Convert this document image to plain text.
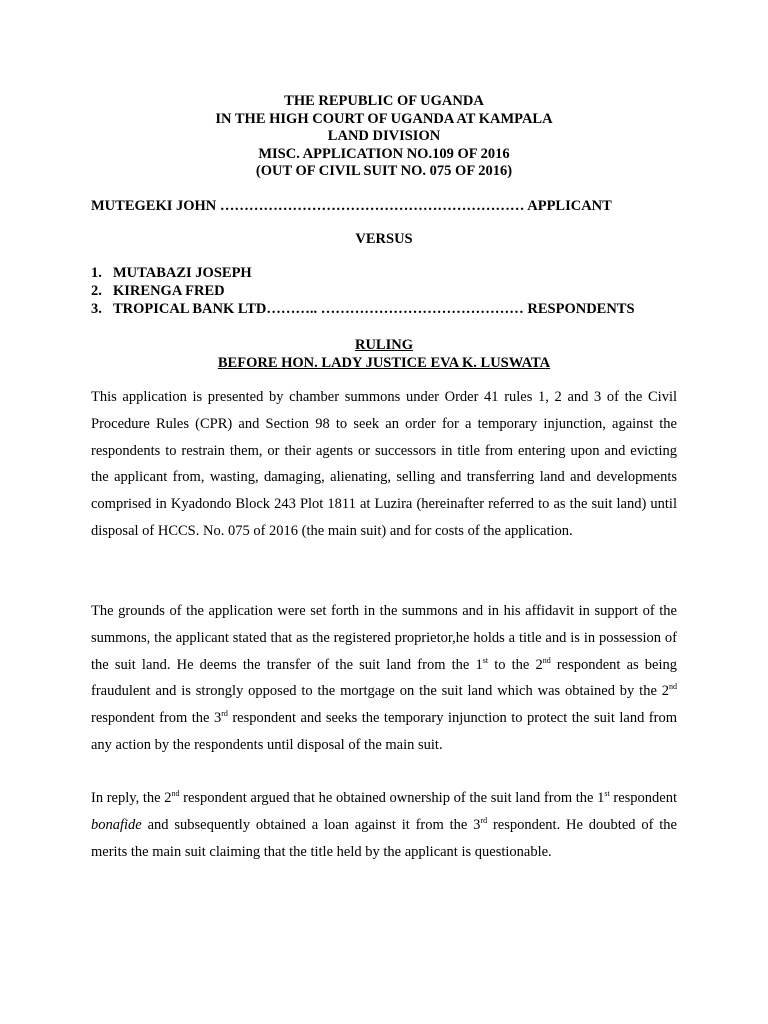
THE REPUBLIC OF UGANDA
IN THE HIGH COURT OF UGANDA AT KAMPALA
LAND DIVISION
MISC. APPLICATION NO.109 OF 2016
(OUT OF CIVIL SUIT NO. 075 OF 2016)
MUTEGEKI JOHN ……………………………………………………… APPLICANT
VERSUS
1. MUTABAZI JOSEPH
2. KIRENGA FRED
3. TROPICAL BANK LTD……….. …………………………………… RESPONDENTS
RULING
BEFORE HON. LADY JUSTICE EVA K. LUSWATA

This application is presented by chamber summons under Order 41 rules 1, 2 and 3 of the Civil Procedure Rules (CPR) and Section 98 to seek an order for a temporary injunction, against the respondents to restrain them, or their agents or successors in title from entering upon and evicting the applicant from, wasting, damaging, alienating, selling and transferring land and developments comprised in Kyadondo Block 243 Plot 1811 at Luzira (hereinafter referred to as the suit land) until disposal of HCCS. No. 075 of 2016 (the main suit) and for costs of the application.

The grounds of the application were set forth in the summons and in his affidavit in support of the summons, the applicant stated that as the registered proprietor,he holds a title and is in possession of the suit land. He deems the transfer of the suit land from the 1st to the 2nd respondent as being fraudulent and is strongly opposed to the mortgage on the suit land which was obtained by the 2nd respondent from the 3rd respondent and seeks the temporary injunction to protect the suit land from any action by the respondents until disposal of the main suit.

In reply, the 2nd respondent argued that he obtained ownership of the suit land from the 1st respondent bonafide and subsequently obtained a loan against it from the 3rd respondent. He doubted of the merits the main suit claiming that the title held by the applicant is questionable.
